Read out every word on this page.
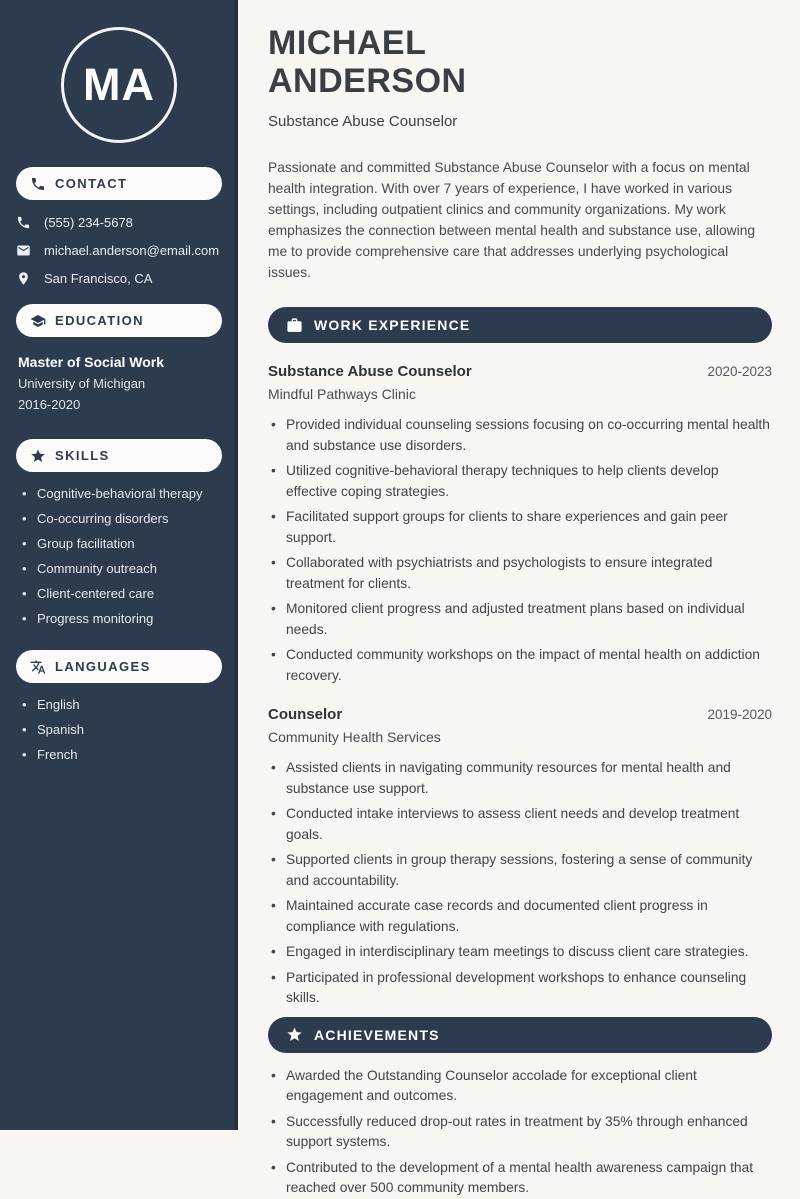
MA
CONTACT
(555) 234-5678
michael.anderson@email.com
San Francisco, CA
EDUCATION

Master of Social Work

University of Michigan

2016-2020

SKILLS
• Cognitive-behavioral therapy
• Co-occurring disorders
• Group facilitation
• Community outreach
• Client-centered care
• Progress monitoring
LANGUAGES
• English
• Spanish
• French
MICHAEL
ANDERSON
Substance Abuse Counselor

Passionate and committed Substance Abuse Counselor with a focus on mental health integration. With over 7 years of experience, I have worked in various settings, including outpatient clinics and community organizations. My work emphasizes the connection between mental health and substance use, allowing me to provide comprehensive care that addresses underlying psychological issues.

WORK EXPERIENCE
Substance Abuse Counselor	2020-2023
Mindful Pathways Clinic
• Provided individual counseling sessions focusing on co-occurring mental health and substance use disorders.
• Utilized cognitive-behavioral therapy techniques to help clients develop effective coping strategies.
• Facilitated support groups for clients to share experiences and gain peer support.
• Collaborated with psychiatrists and psychologists to ensure integrated treatment for clients.
• Monitored client progress and adjusted treatment plans based on individual needs.
• Conducted community workshops on the impact of mental health on addiction recovery.
Counselor	2019-2020
Community Health Services
• Assisted clients in navigating community resources for mental health and substance use support.
• Conducted intake interviews to assess client needs and develop treatment goals.
• Supported clients in group therapy sessions, fostering a sense of community and accountability.
• Maintained accurate case records and documented client progress in compliance with regulations.
• Engaged in interdisciplinary team meetings to discuss client care strategies.
• Participated in professional development workshops to enhance counseling skills.
ACHIEVEMENTS
• Awarded the Outstanding Counselor accolade for exceptional client engagement and outcomes.
• Successfully reduced drop-out rates in treatment by 35% through enhanced support systems.
• Contributed to the development of a mental health awareness campaign that reached over 500 community members.
